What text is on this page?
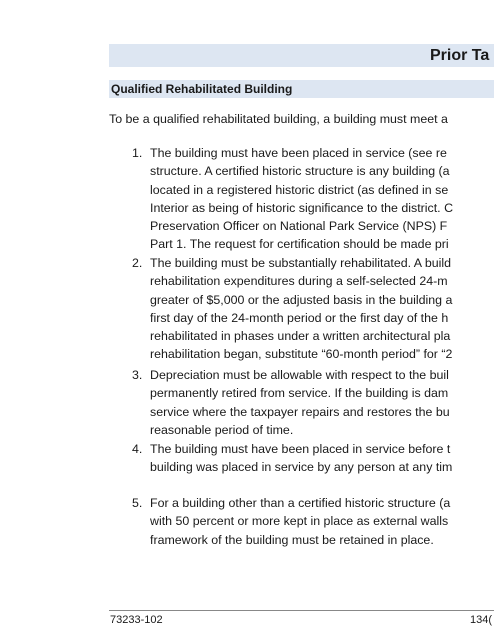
Prior Ta
Qualified Rehabilitated Building
To be a qualified rehabilitated building, a building must meet a
1. The building must have been placed in service (see re
structure. A certified historic structure is any building (a
located in a registered historic district (as defined in se
Interior as being of historic significance to the district. C
Preservation Officer on National Park Service (NPS) F
Part 1. The request for certification should be made pri
2. The building must be substantially rehabilitated. A build
rehabilitation expenditures during a self-selected 24-m
greater of $5,000 or the adjusted basis in the building a
first day of the 24-month period or the first day of the h
rehabilitated in phases under a written architectural pla
rehabilitation began, substitute “60-month period” for “2
3. Depreciation must be allowable with respect to the buil
permanently retired from service. If the building is dam
service where the taxpayer repairs and restores the bu
reasonable period of time.
4. The building must have been placed in service before t
building was placed in service by any person at any tim
5. For a building other than a certified historic structure (a
with 50 percent or more kept in place as external walls
framework of the building must be retained in place.
73233-102	134(
